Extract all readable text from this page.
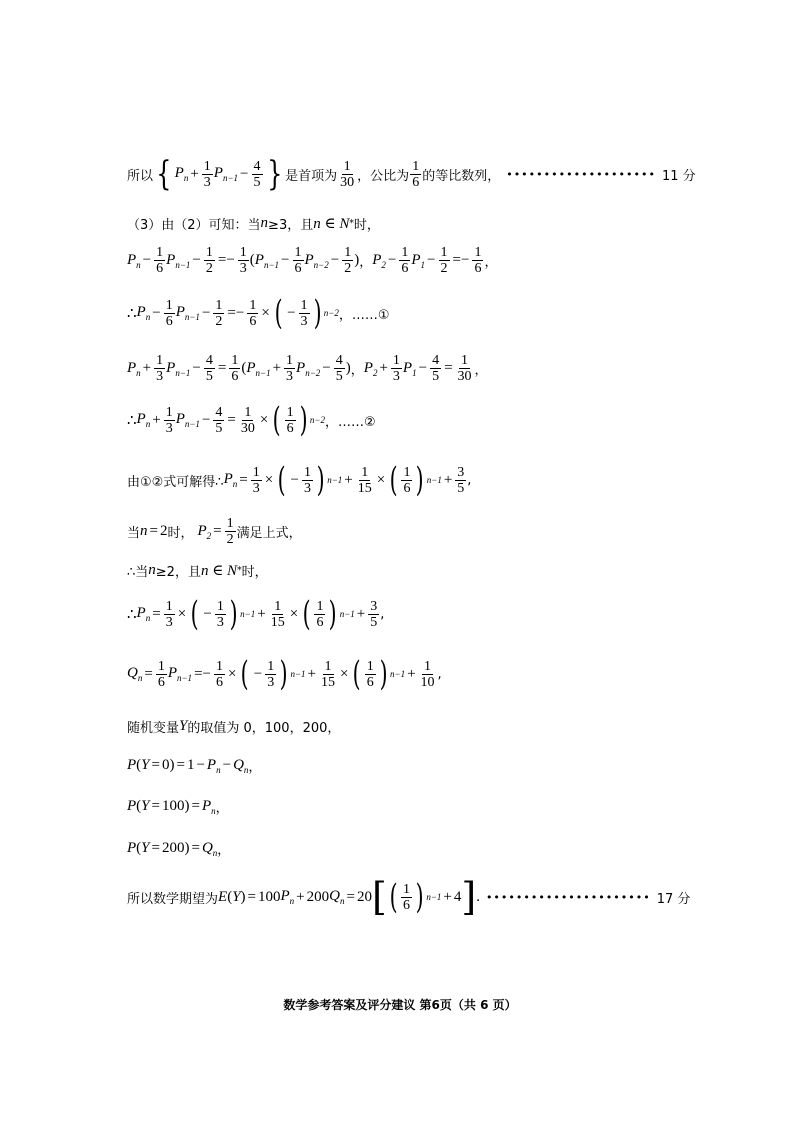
所以 { $P_n + \frac{1}{3} P_{n-1} - \frac{4}{5}$ } 是首项为 $\frac{1}{30}$ ，公比为 $\frac{1}{6}$ 的等比数列， •••••••••••••••••••• 11 分
（3）由（2）可知：当 n ≥3，且 n ∈ N * 时，
$P_n - \frac{1}{6} P_{n-1} - \frac{1}{2} =- \frac{1}{3}$ ( $P_{n-1} - \frac{1}{6} P_{n-2} - \frac{1}{2}$ ) ， $P_2 - \frac{1}{6} P_1 - \frac{1}{2} =- \frac{1}{6}$ ，
∴ $P_n - \frac{1}{6} P_{n-1} - \frac{1}{2} =- \frac{1}{6}$ × ( − $\frac{1}{3}$ ) n−2 ，……①
$P_n + \frac{1}{3} P_{n-1} - \frac{4}{5} = \frac{1}{6}$ ( $P_{n-1} + \frac{1}{3} P_{n-2} - \frac{4}{5}$ ) ， $P_2 + \frac{1}{3} P_1 - \frac{4}{5} = \frac{1}{30}$ ，
∴ $P_n + \frac{1}{3} P_{n-1} - \frac{4}{5} = \frac{1}{30}$ × ( $\frac{1}{6}$ ) n−2 ，……②
由①②式可解得∴ $P_n = \frac{1}{3}$ × ( − $\frac{1}{3}$ ) $n-1 + \frac{1}{15}$ × ( $\frac{1}{6}$ ) $n-1 + \frac{3}{5}$ ,
当 n = 2 时， $P_2 = \frac{1}{2}$ 满足上式，
∴当 n ≥2，且 n ∈ N * 时，
∴ $P_n = \frac{1}{3}$ × ( − $\frac{1}{3}$ ) $n-1 + \frac{1}{15}$ × ( $\frac{1}{6}$ ) $n-1 + \frac{3}{5}$ ,
$Q_n = \frac{1}{6} P_{n-1} =- \frac{1}{6}$ × ( − $\frac{1}{3}$ ) $n-1 + \frac{1}{15}$ × ( $\frac{1}{6}$ ) $n-1 + \frac{1}{10}$ ,
随机变量 Y 的取值为 0，100，200，
P ( $Y = 0) = 1 - P_n - Q_n$ ，
P ( $Y = 100) = P_n$ ，
P ( $Y = 200) = Q_n$ ，
所以数学期望为 E ( Y ) = 100 $P_n + 200$ $Q_n = 20$ [ ( $\frac{1}{6}$ ) n−1 + 4 ] . •••••••••••••••••••••• 17 分
数学参考答案及评分建议 第6页（共 6 页）
